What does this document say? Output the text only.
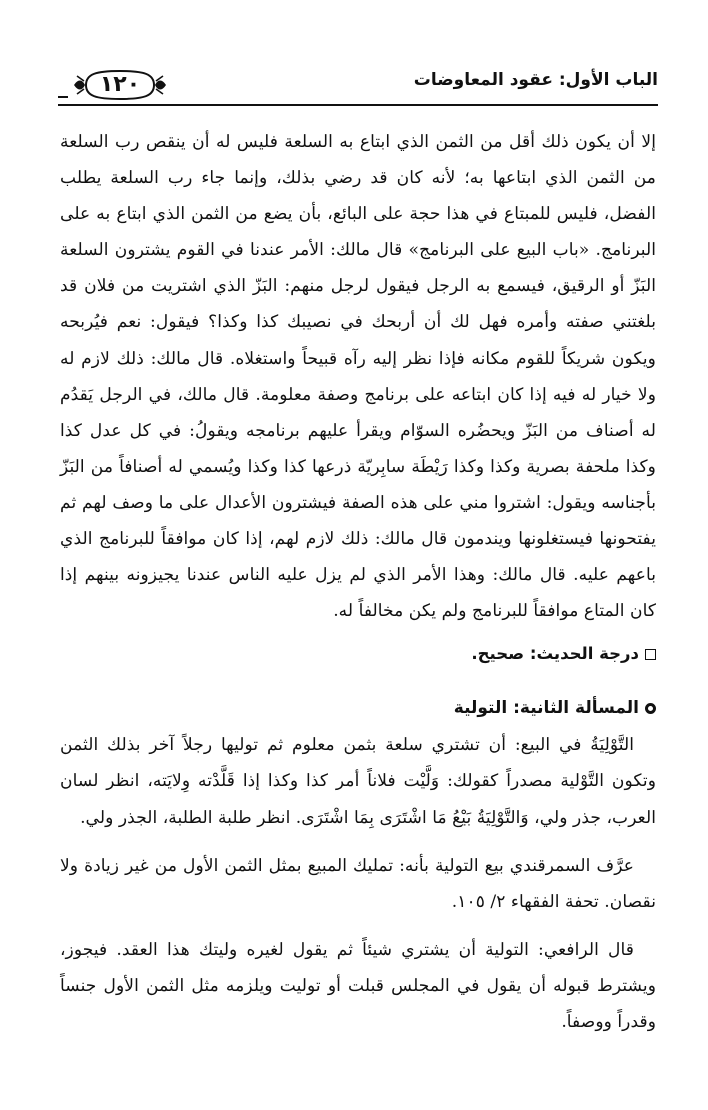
١٢٠	الباب الأول: عقود المعاوضات

إلا أن يكون ذلك أقل من الثمن الذي ابتاع به السلعة فليس له أن ينقص رب السلعة من الثمن الذي ابتاعها به؛ لأنه كان قد رضي بذلك، وإنما جاء رب السلعة يطلب الفضل، فليس للمبتاع في هذا حجة على البائع، بأن يضع من الثمن الذي ابتاع به على البرنامج. «باب البيع على البرنامج» قال مالك: الأمر عندنا في القوم يشترون السلعة البَزّ أو الرقيق، فيسمع به الرجل فيقول لرجل منهم: البَزّ الذي اشتريت من فلان قد بلغتني صفته وأمره فهل لك أن أربحك في نصيبك كذا وكذا؟ فيقول: نعم فيُربحه ويكون شريكاً للقوم مكانه فإذا نظر إليه رآه قبيحاً واستغلاه. قال مالك: ذلك لازم له ولا خيار له فيه إذا كان ابتاعه على برنامج وصفة معلومة. قال مالك، في الرجل يَقدُم له أصناف من البَزّ ويحضُره السوّام ويقرأ عليهم برنامجه ويقولُ: في كل عدل كذا وكذا ملحفة بصرية وكذا وكذا رَيْطَة سابِريّة ذرعها كذا وكذا ويُسمي له أصنافاً من البَزّ بأجناسه ويقول: اشتروا مني على هذه الصفة فيشترون الأعدال على ما وصف لهم ثم يفتحونها فيستغلونها ويندمون قال مالك: ذلك لازم لهم، إذا كان موافقاً للبرنامج الذي باعهم عليه. قال مالك: وهذا الأمر الذي لم يزل عليه الناس عندنا يجيزونه بينهم إذا كان المتاع موافقاً للبرنامج ولم يكن مخالفاً له.

درجة الحديث: صحيح.

المسألة الثانية: التولية

التَّوْلِيَةُ في البيع: أن تشتري سلعة بثمن معلوم ثم توليها رجلاً آخر بذلك الثمن وتكون التَّوْلية مصدراً كقولك: وَلَّيْت فلاناً أمر كذا وكذا إذا قَلَّدْته وِلايَته، انظر لسان العرب، جذر ولي، وَالتَّوْلِيَةُ بَيْعُ مَا اشْتَرَى بِمَا اشْتَرَى. انظر طلبة الطلبة، الجذر ولي.

عرَّف السمرقندي بيع التولية بأنه: تمليك المبيع بمثل الثمن الأول من غير زيادة ولا نقصان. تحفة الفقهاء ٢/ ١٠٥.

قال الرافعي: التولية أن يشتري شيئاً ثم يقول لغيره وليتك هذا العقد. فيجوز، ويشترط قبوله أن يقول في المجلس قبلت أو توليت ويلزمه مثل الثمن الأول جنساً وقدراً ووصفاً.
